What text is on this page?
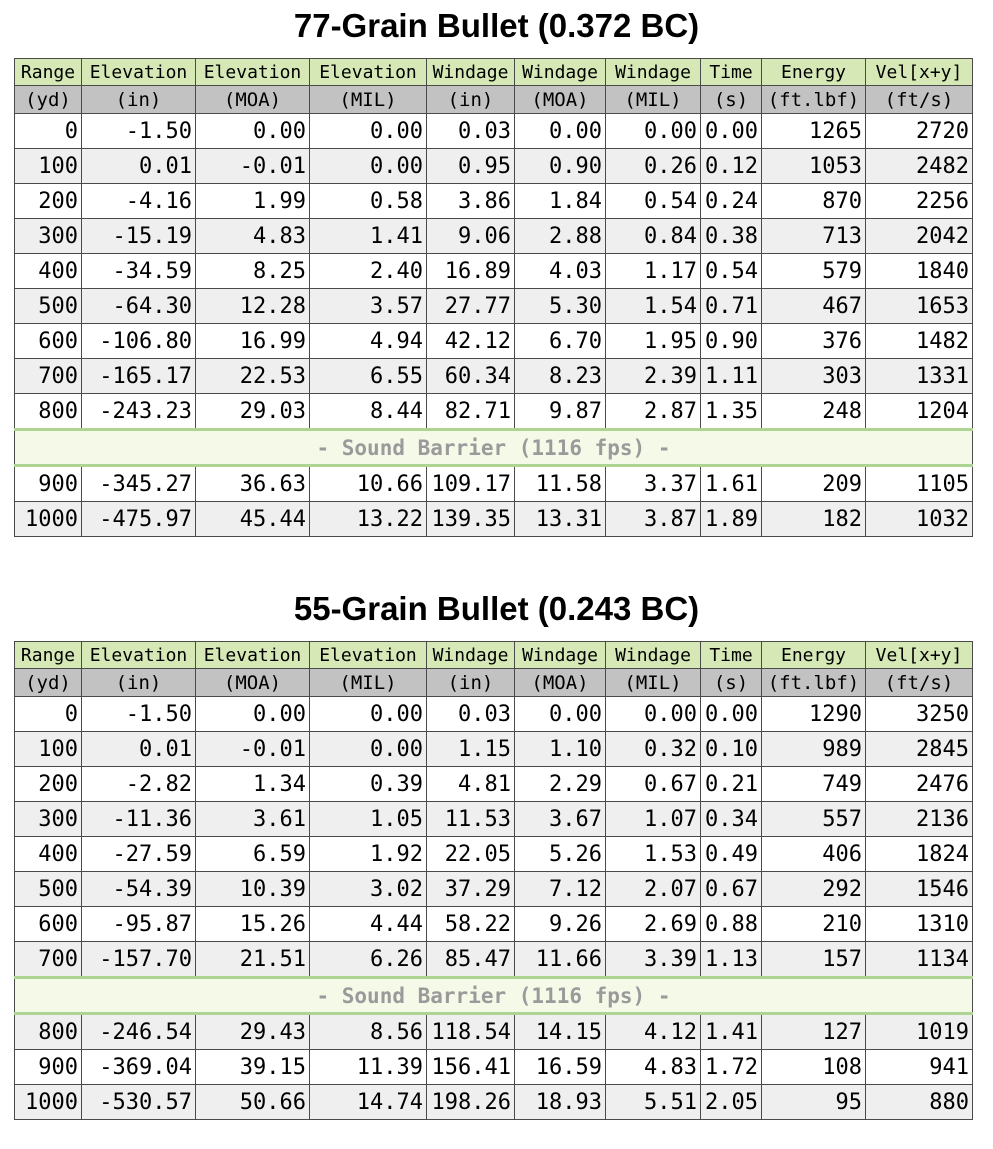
77-Grain Bullet (0.372 BC)
Range	Elevation	Elevation	Elevation	Windage	Windage	Windage	Time	Energy	Vel[x+y]
(yd)	(in)	(MOA)	(MIL)	(in)	(MOA)	(MIL)	(s)	(ft.lbf)	(ft/s)
0	-1.50	0.00	0.00	0.03	0.00	0.00	0.00	1265	2720
100	0.01	-0.01	0.00	0.95	0.90	0.26	0.12	1053	2482
200	-4.16	1.99	0.58	3.86	1.84	0.54	0.24	870	2256
300	-15.19	4.83	1.41	9.06	2.88	0.84	0.38	713	2042
400	-34.59	8.25	2.40	16.89	4.03	1.17	0.54	579	1840
500	-64.30	12.28	3.57	27.77	5.30	1.54	0.71	467	1653
600	-106.80	16.99	4.94	42.12	6.70	1.95	0.90	376	1482
700	-165.17	22.53	6.55	60.34	8.23	2.39	1.11	303	1331
800	-243.23	29.03	8.44	82.71	9.87	2.87	1.35	248	1204
- Sound Barrier (1116 fps) -									
900	-345.27	36.63	10.66	109.17	11.58	3.37	1.61	209	1105
1000	-475.97	45.44	13.22	139.35	13.31	3.87	1.89	182	1032
55-Grain Bullet (0.243 BC)
Range	Elevation	Elevation	Elevation	Windage	Windage	Windage	Time	Energy	Vel[x+y]
(yd)	(in)	(MOA)	(MIL)	(in)	(MOA)	(MIL)	(s)	(ft.lbf)	(ft/s)
0	-1.50	0.00	0.00	0.03	0.00	0.00	0.00	1290	3250
100	0.01	-0.01	0.00	1.15	1.10	0.32	0.10	989	2845
200	-2.82	1.34	0.39	4.81	2.29	0.67	0.21	749	2476
300	-11.36	3.61	1.05	11.53	3.67	1.07	0.34	557	2136
400	-27.59	6.59	1.92	22.05	5.26	1.53	0.49	406	1824
500	-54.39	10.39	3.02	37.29	7.12	2.07	0.67	292	1546
600	-95.87	15.26	4.44	58.22	9.26	2.69	0.88	210	1310
700	-157.70	21.51	6.26	85.47	11.66	3.39	1.13	157	1134
- Sound Barrier (1116 fps) -									
800	-246.54	29.43	8.56	118.54	14.15	4.12	1.41	127	1019
900	-369.04	39.15	11.39	156.41	16.59	4.83	1.72	108	941
1000	-530.57	50.66	14.74	198.26	18.93	5.51	2.05	95	880
